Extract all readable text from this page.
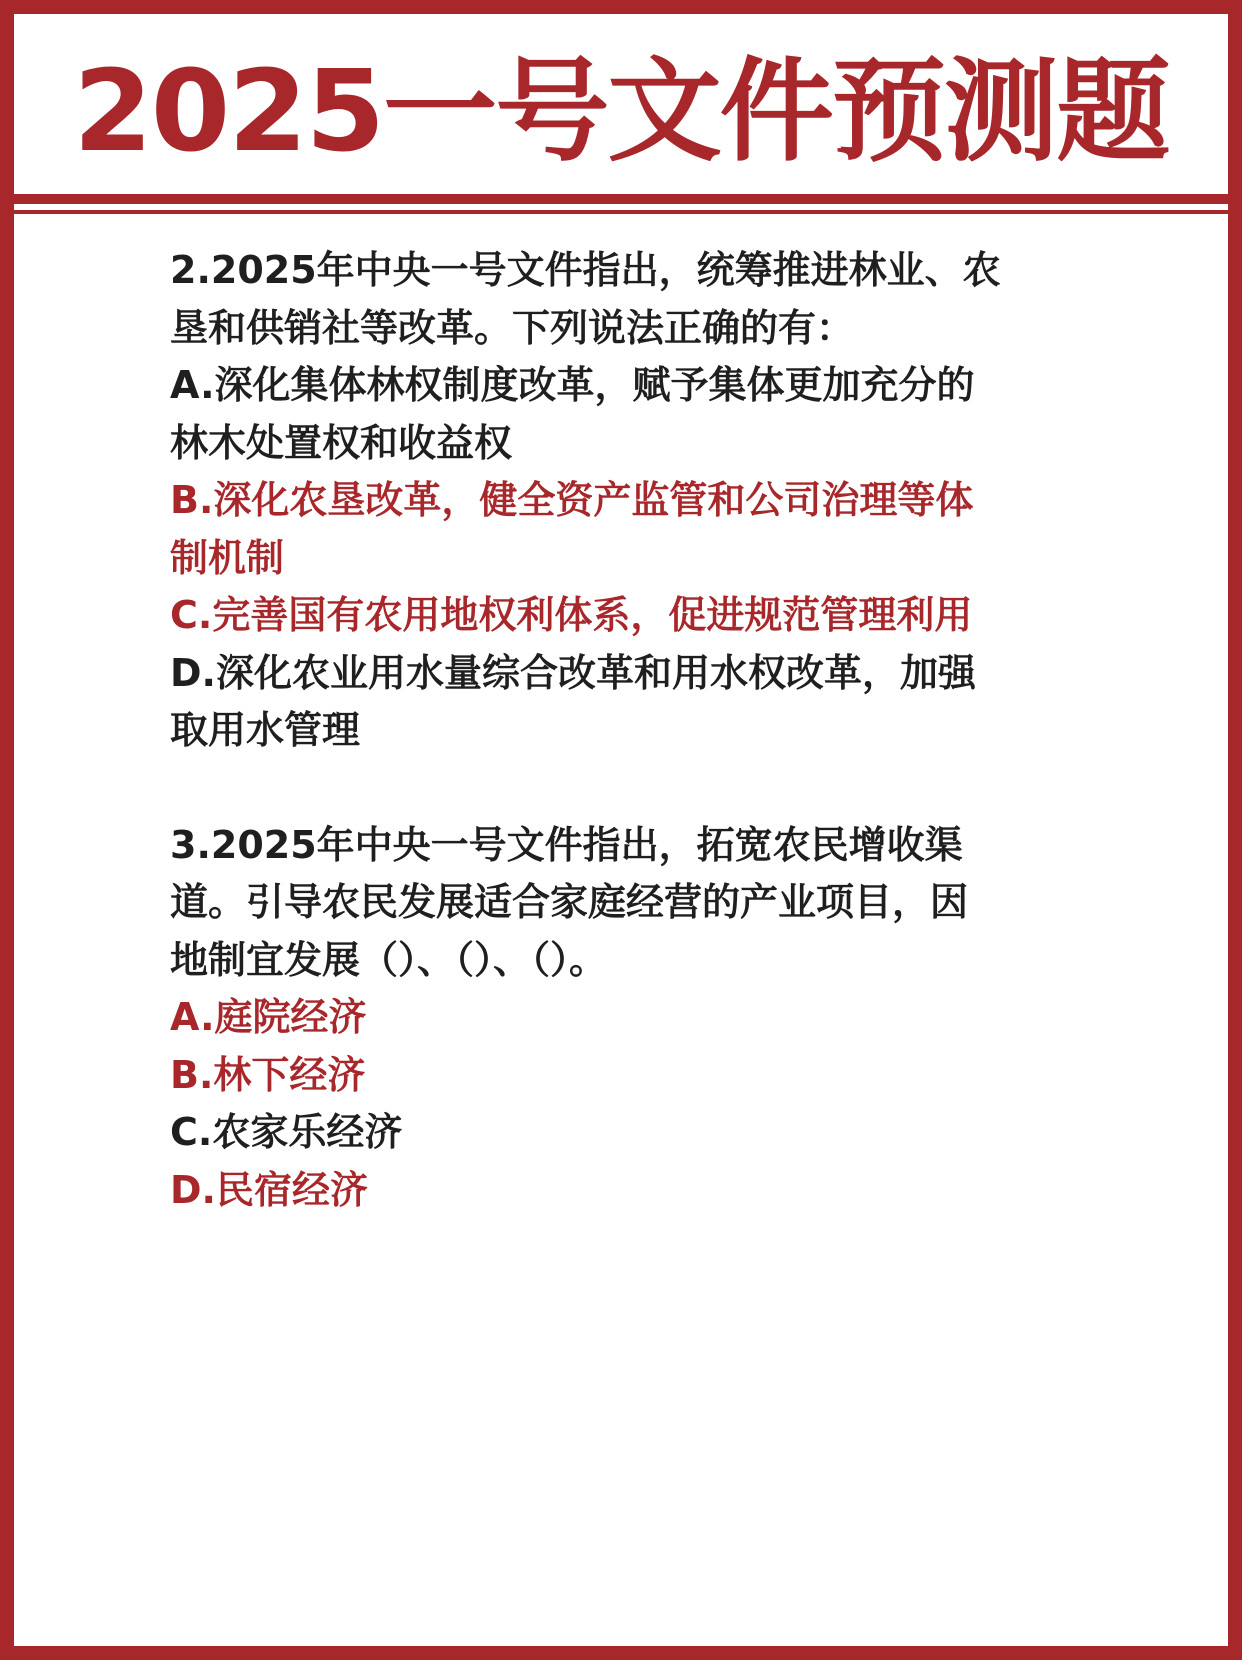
2025一号文件预测题
2.2025年中央一号文件指出，统筹推进林业、农
垦和供销社等改革。下列说法正确的有：
A.深化集体林权制度改革，赋予集体更加充分的
林木处置权和收益权
B.深化农垦改革，健全资产监管和公司治理等体
制机制
C.完善国有农用地权利体系，促进规范管理利用
D.深化农业用水量综合改革和用水权改革，加强
取用水管理
3.2025年中央一号文件指出，拓宽农民增收渠
道。引导农民发展适合家庭经营的产业项目，因
地制宜发展（）、（）、（）。
A.庭院经济
B.林下经济
C.农家乐经济
D.民宿经济
